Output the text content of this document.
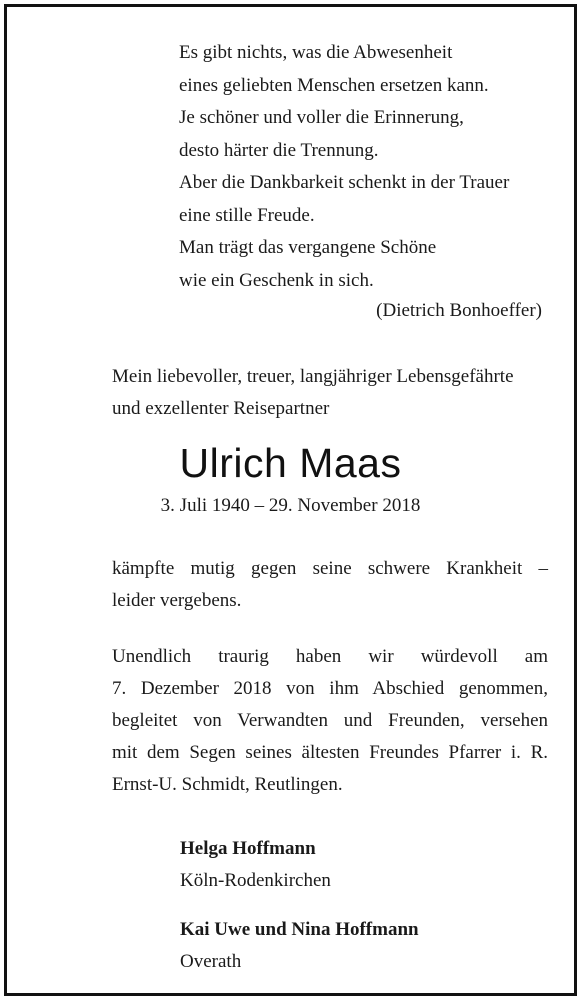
Es gibt nichts, was die Abwesenheit
eines geliebten Menschen ersetzen kann.
Je schöner und voller die Erinnerung,
desto härter die Trennung.
Aber die Dankbarkeit schenkt in der Trauer
eine stille Freude.
Man trägt das vergangene Schöne
wie ein Geschenk in sich.
(Dietrich Bonhoeffer)
Mein liebevoller, treuer, langjähriger Lebensgefährte
und exzellenter Reisepartner
Ulrich Maas
3. Juli 1940 – 29. November 2018
kämpfte mutig gegen seine schwere Krankheit –
leider vergebens.
Unendlich traurig haben wir würdevoll am
7. Dezember 2018 von ihm Abschied genommen,
begleitet von Verwandten und Freunden, versehen
mit dem Segen seines ältesten Freundes Pfarrer i. R.
Ernst-U. Schmidt, Reutlingen.
Helga Hoffmann
Köln-Rodenkirchen
Kai Uwe und Nina Hoffmann
Overath
